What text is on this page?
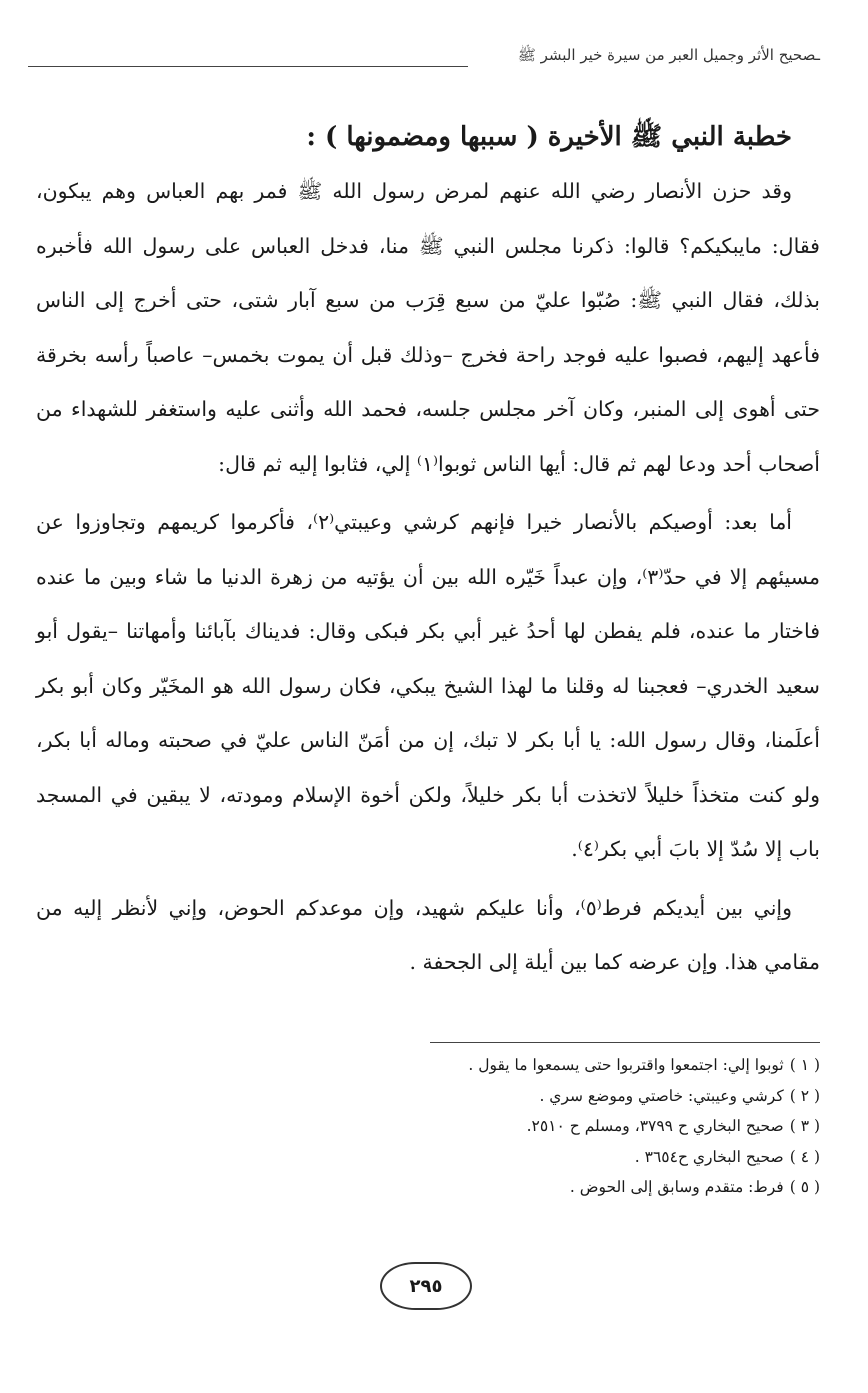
ـصحيح الأثر وجميل العبر من سيرة خير البشر ﷺ
خطبة النبي ﷺ الأخيرة ( سببها ومضمونها ) :

وقد حزن الأنصار رضي الله عنهم لمرض رسول الله ﷺ فمر بهم العباس وهم يبكون، فقال: مايبكيكم؟ قالوا: ذكرنا مجلس النبي ﷺ منا، فدخل العباس على رسول الله فأخبره بذلك، فقال النبي ﷺ: صُبّوا عليّ من سبع قِرَب من سبع آبار شتى، حتى أخرج إلى الناس فأعهد إليهم، فصبوا عليه فوجد راحة فخرج –وذلك قبل أن يموت بخمس– عاصباً رأسه بخرقة حتى أهوى إلى المنبر، وكان آخر مجلس جلسه، فحمد الله وأثنى عليه واستغفر للشهداء من أصحاب أحد ودعا لهم ثم قال: أيها الناس ثوبوا⁽١⁾ إلي، فثابوا إليه ثم قال:

أما بعد: أوصيكم بالأنصار خيرا فإنهم كرشي وعيبتي⁽٢⁾، فأكرموا كريمهم وتجاوزوا عن مسيئهم إلا في حدّ⁽٣⁾، وإن عبداً خَيّره الله بين أن يؤتيه من زهرة الدنيا ما شاء وبين ما عنده فاختار ما عنده، فلم يفطن لها أحدُ غير أبي بكر فبكى وقال: فديناك بآبائنا وأمهاتنا –يقول أبو سعيد الخدري– فعجبنا له وقلنا ما لهذا الشيخ يبكي، فكان رسول الله هو المخَيّر وكان أبو بكر أعلَمنا، وقال رسول الله: يا أبا بكر لا تبك، إن من أمَنّ الناس عليّ في صحبته وماله أبا بكر، ولو كنت متخذاً خليلاً لاتخذت أبا بكر خليلاً، ولكن أخوة الإسلام ومودته، لا يبقين في المسجد باب إلا سُدّ إلا بابَ أبي بكر⁽٤⁾.

وإني بين أيديكم فرط⁽٥⁾، وأنا عليكم شهيد، وإن موعدكم الحوض، وإني لأنظر إليه من مقامي هذا. وإن عرضه كما بين أيلة إلى الجحفة .

( ١ )ثوبوا إلي: اجتمعوا واقتربوا حتى يسمعوا ما يقول .
( ٢ )كرشي وعيبتي: خاصتي وموضع سري .
( ٣ )صحيح البخاري ح ٣٧٩٩، ومسلم ح ٢٥١٠.
( ٤ )صحيح البخاري ح٣٦٥٤ .
( ٥ )فرط: متقدم وسابق إلى الحوض .
٢٩٥
